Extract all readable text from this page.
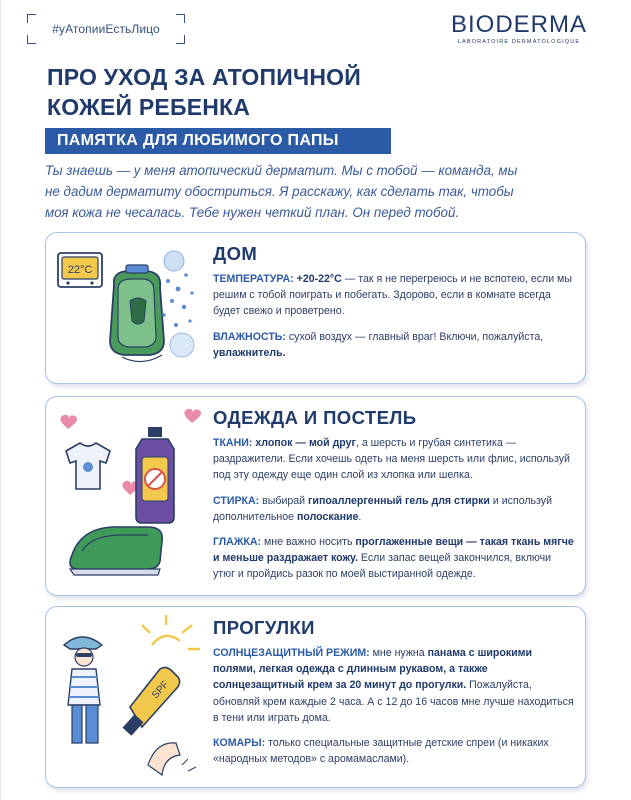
#уАтопииЕстьЛицо	BIODERMA
LABORATOIRE DERMATOLOGIQUE
ПРО УХОД ЗА АТОПИЧНОЙ
КОЖЕЙ РЕБЕНКА
ПАМЯТКА ДЛЯ ЛЮБИМОГО ПАПЫ
Ты знаешь — у меня атопический дерматит. Мы с тобой — команда, мы
не дадим дерматиту обостриться. Я расскажу, как сделать так, чтобы
моя кожа не чесалась. Тебе нужен четкий план. Он перед тобой.
22°C
ДОМ

ТЕМПЕРАТУРА: +20-22°С — так я не перегреюсь и не вспотею, если мы решим с тобой поиграть и побегать. Здорово, если в комнате всегда будет свежо и проветрено.

ВЛАЖНОСТЬ: сухой воздух — главный враг! Включи, пожалуйста, увлажнитель.

ОДЕЖДА И ПОСТЕЛЬ

ТКАНИ: хлопок — мой друг, а шерсть и грубая синтетика — раздражители. Если хочешь одеть на меня шерсть или флис, используй под эту одежду еще один слой из хлопка или шелка.

СТИРКА: выбирай гипоаллергенный гель для стирки и используй дополнительное полоскание.

ГЛАЖКА: мне важно носить проглаженные вещи — такая ткань мягче и меньше раздражает кожу. Если запас вещей закончился, включи утюг и пройдись разок по моей выстиранной одежде.

SPF
ПРОГУЛКИ

СОЛНЦЕЗАЩИТНЫЙ РЕЖИМ: мне нужна панама с широкими полями, легкая одежда с длинным рукавом, а также солнцезащитный крем за 20 минут до прогулки. Пожалуйста, обновляй крем каждые 2 часа. А с 12 до 16 часов мне лучше находиться в тени или играть дома.

КОМАРЫ: только специальные защитные детские спреи (и никаких «народных методов» с аромамаслами).
